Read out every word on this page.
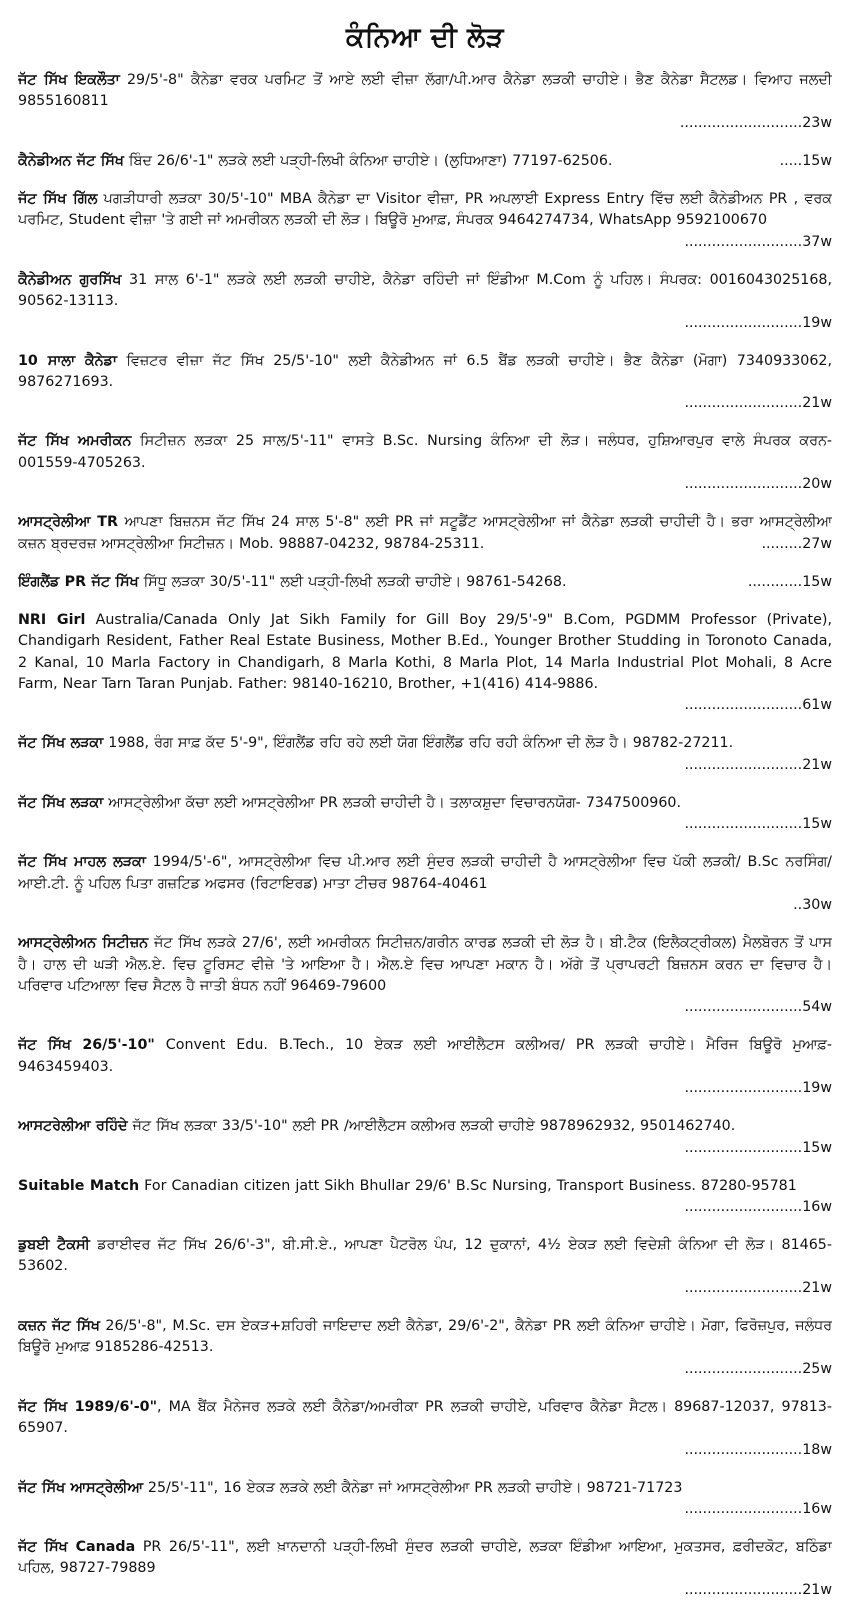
ਕੰਨਿਆ ਦੀ ਲੋੜ
ਜੱਟ ਸਿੱਖ ਇਕਲੌਤਾ 29/5'-8" ਕੈਨੇਡਾ ਵਰਕ ਪਰਮਿਟ ਤੋਂ ਆਏ ਲਈ ਵੀਜ਼ਾ ਲੱਗਾ/ਪੀ.ਆਰ ਕੈਨੇਡਾ ਲੜਕੀ ਚਾਹੀਏ। ਭੈਣ ਕੈਨੇਡਾ ਸੈਟਲਡ। ਵਿਆਹ ਜਲਦੀ 9855160811
...........................23w
ਕੈਨੇਡੀਅਨ ਜੱਟ ਸਿੱਖ ਬਿੰਦ 26/6'-1" ਲੜਕੇ ਲਈ ਪੜ੍ਹੀ-ਲਿਖੀ ਕੰਨਿਆ ਚਾਹੀਏ। (ਲੁਧਿਆਣਾ) 77197-62506.	.....15w
ਜੱਟ ਸਿੱਖ ਗਿੱਲ ਪਗੜੀਧਾਰੀ ਲੜਕਾ 30/5'-10" MBA ਕੈਨੇਡਾ ਦਾ Visitor ਵੀਜ਼ਾ, PR ਅਪਲਾਈ Express Entry ਵਿੱਚ ਲਈ ਕੈਨੇਡੀਅਨ PR , ਵਰਕ ਪਰਮਿਟ, Student ਵੀਜ਼ਾ 'ਤੇ ਗਈ ਜਾਂ ਅਮਰੀਕਨ ਲੜਕੀ ਦੀ ਲੋੜ। ਬਿਊਰੋ ਮੁਆਫ਼, ਸੰਪਰਕ 9464274734, WhatsApp 9592100670
..........................37w
ਕੈਨੇਡੀਅਨ ਗੁਰਸਿੱਖ 31 ਸਾਲ 6'-1" ਲੜਕੇ ਲਈ ਲੜਕੀ ਚਾਹੀਏ, ਕੈਨੇਡਾ ਰਹਿੰਦੀ ਜਾਂ ਇੰਡੀਆ M.Com ਨੂੰ ਪਹਿਲ। ਸੰਪਰਕ: 0016043025168, 90562-13113.
..........................19w
10 ਸਾਲਾ ਕੈਨੇਡਾ ਵਿਜ਼ਟਰ ਵੀਜ਼ਾ ਜੱਟ ਸਿੱਖ 25/5'-10" ਲਈ ਕੈਨੇਡੀਅਨ ਜਾਂ 6.5 ਬੈਂਡ ਲੜਕੀ ਚਾਹੀਏ। ਭੈਣ ਕੈਨੇਡਾ (ਮੋਗਾ) 7340933062, 9876271693.
..........................21w
ਜੱਟ ਸਿੱਖ ਅਮਰੀਕਨ ਸਿਟੀਜ਼ਨ ਲੜਕਾ 25 ਸਾਲ/5'-11" ਵਾਸਤੇ B.Sc. Nursing ਕੰਨਿਆ ਦੀ ਲੋੜ। ਜਲੰਧਰ, ਹੁਸ਼ਿਆਰਪੁਰ ਵਾਲੇ ਸੰਪਰਕ ਕਰਨ- 001559-4705263.
..........................20w
ਆਸਟ੍ਰੇਲੀਆ TR ਆਪਣਾ ਬਿਜ਼ਨਸ ਜੱਟ ਸਿੱਖ 24 ਸਾਲ 5'-8" ਲਈ PR ਜਾਂ ਸਟੂਡੈਂਟ ਆਸਟ੍ਰੇਲੀਆ ਜਾਂ ਕੈਨੇਡਾ ਲੜਕੀ ਚਾਹੀਦੀ ਹੈ। ਭਰਾ ਆਸਟ੍ਰੇਲੀਆ ਕਜ਼ਨ ਬ੍ਰਦਰਜ਼ ਆਸਟ੍ਰੇਲੀਆ ਸਿਟੀਜ਼ਨ। Mob. 98887-04232, 98784-25311.	.........27w
ਇੰਗਲੈਂਡ PR ਜੱਟ ਸਿੱਖ ਸਿੱਧੂ ਲੜਕਾ 30/5'-11" ਲਈ ਪੜ੍ਹੀ-ਲਿਖੀ ਲੜਕੀ ਚਾਹੀਏ। 98761-54268.	............15w
NRI Girl Australia/Canada Only Jat Sikh Family for Gill Boy 29/5'-9" B.Com, PGDMM Professor (Private), Chandigarh Resident, Father Real Estate Business, Mother B.Ed., Younger Brother Studding in Toronoto Canada, 2 Kanal, 10 Marla Factory in Chandigarh, 8 Marla Kothi, 8 Marla Plot, 14 Marla Industrial Plot Mohali, 8 Acre Farm, Near Tarn Taran Punjab. Father: 98140-16210, Brother, +1(416) 414-9886.
..........................61w
ਜੱਟ ਸਿੱਖ ਲੜਕਾ 1988, ਰੰਗ ਸਾਫ਼ ਕੱਦ 5'-9", ਇੰਗਲੈਂਡ ਰਹਿ ਰਹੇ ਲਈ ਯੋਗ ਇੰਗਲੈਂਡ ਰਹਿ ਰਹੀ ਕੰਨਿਆ ਦੀ ਲੋੜ ਹੈ। 98782-27211.
..........................21w
ਜੱਟ ਸਿੱਖ ਲੜਕਾ ਆਸਟ੍ਰੇਲੀਆ ਕੱਚਾ ਲਈ ਆਸਟ੍ਰੇਲੀਆ PR ਲੜਕੀ ਚਾਹੀਦੀ ਹੈ। ਤਲਾਕਸ਼ੁਦਾ ਵਿਚਾਰਨਯੋਗ- 7347500960.
..........................15w
ਜੱਟ ਸਿੱਖ ਮਾਹਲ ਲੜਕਾ 1994/5'-6", ਆਸਟ੍ਰੇਲੀਆ ਵਿਚ ਪੀ.ਆਰ ਲਈ ਸੁੰਦਰ ਲੜਕੀ ਚਾਹੀਦੀ ਹੈ ਆਸਟ੍ਰੇਲੀਆ ਵਿਚ ਪੱਕੀ ਲੜਕੀ/ B.Sc ਨਰਸਿੰਗ/ਆਈ.ਟੀ. ਨੂੰ ਪਹਿਲ ਪਿਤਾ ਗਜ਼ਟਿਡ ਅਫਸਰ (ਰਿਟਾਇਰਡ) ਮਾਤਾ ਟੀਚਰ 98764-40461
..30w
ਆਸਟ੍ਰੇਲੀਅਨ ਸਿਟੀਜ਼ਨ ਜੱਟ ਸਿੱਖ ਲੜਕੇ 27/6', ਲਈ ਅਮਰੀਕਨ ਸਿਟੀਜ਼ਨ/ਗਰੀਨ ਕਾਰਡ ਲੜਕੀ ਦੀ ਲੋੜ ਹੈ। ਬੀ.ਟੈਕ (ਇਲੈਕਟ੍ਰੀਕਲ) ਮੈਲਬੋਰਨ ਤੋਂ ਪਾਸ ਹੈ। ਹਾਲ ਦੀ ਘੜੀ ਐਲ.ਏ. ਵਿਚ ਟੂਰਿਸਟ ਵੀਜ਼ੇ 'ਤੇ ਆਇਆ ਹੈ। ਐਲ.ਏ ਵਿਚ ਆਪਣਾ ਮਕਾਨ ਹੈ। ਅੱਗੇ ਤੋਂ ਪ੍ਰਾਪਰਟੀ ਬਿਜ਼ਨਸ ਕਰਨ ਦਾ ਵਿਚਾਰ ਹੈ। ਪਰਿਵਾਰ ਪਟਿਆਲਾ ਵਿਚ ਸੈਟਲ ਹੈ ਜਾਤੀ ਬੰਧਨ ਨਹੀਂ 96469-79600
..........................54w
ਜੱਟ ਸਿੱਖ 26/5'-10" Convent Edu. B.Tech., 10 ਏਕੜ ਲਈ ਆਈਲੈਟਸ ਕਲੀਅਰ/ PR ਲੜਕੀ ਚਾਹੀਏ। ਮੈਰਿਜ ਬਿਊਰੋ ਮੁਆਫ਼- 9463459403.
..........................19w
ਆਸਟਰੇਲੀਆ ਰਹਿੰਦੇ ਜੱਟ ਸਿੱਖ ਲੜਕਾ 33/5'-10" ਲਈ PR /ਆਈਲੈਟਸ ਕਲੀਅਰ ਲੜਕੀ ਚਾਹੀਏ 9878962932, 9501462740.
..........................15w
Suitable Match For Canadian citizen jatt Sikh Bhullar 29/6' B.Sc Nursing, Transport Business. 87280-95781
..........................16w
ਡੁਬਈ ਟੈਕਸੀ ਡਰਾਈਵਰ ਜੱਟ ਸਿੱਖ 26/6'-3", ਬੀ.ਸੀ.ਏ., ਆਪਣਾ ਪੈਟਰੋਲ ਪੰਪ, 12 ਦੁਕਾਨਾਂ, 4½ ਏਕੜ ਲਈ ਵਿਦੇਸ਼ੀ ਕੰਨਿਆ ਦੀ ਲੋੜ। 81465-53602.
..........................21w
ਕਜ਼ਨ ਜੱਟ ਸਿੱਖ 26/5'-8", M.Sc. ਦਸ ਏਕੜ+ਸ਼ਹਿਰੀ ਜਾਇਦਾਦ ਲਈ ਕੈਨੇਡਾ, 29/6'-2", ਕੈਨੇਡਾ PR ਲਈ ਕੰਨਿਆ ਚਾਹੀਏ। ਮੋਗਾ, ਫਿਰੋਜ਼ਪੁਰ, ਜਲੰਧਰ ਬਿਊਰੋ ਮੁਆਫ਼ 9185286-42513.
..........................25w
ਜੱਟ ਸਿੱਖ 1989/6'-0", MA ਬੈਂਕ ਮੈਨੇਜਰ ਲੜਕੇ ਲਈ ਕੈਨੇਡਾ/ਅਮਰੀਕਾ PR ਲੜਕੀ ਚਾਹੀਏ, ਪਰਿਵਾਰ ਕੈਨੇਡਾ ਸੈਟਲ। 89687-12037, 97813-65907.
..........................18w
ਜੱਟ ਸਿੱਖ ਆਸਟ੍ਰੇਲੀਆ 25/5'-11", 16 ਏਕੜ ਲੜਕੇ ਲਈ ਕੈਨੇਡਾ ਜਾਂ ਆਸਟ੍ਰੇਲੀਆ PR ਲੜਕੀ ਚਾਹੀਏ। 98721-71723
..........................16w
ਜੱਟ ਸਿੱਖ Canada PR 26/5'-11", ਲਈ ਖ਼ਾਨਦਾਨੀ ਪੜ੍ਹੀ-ਲਿਖੀ ਸੁੰਦਰ ਲੜਕੀ ਚਾਹੀਏ, ਲੜਕਾ ਇੰਡੀਆ ਆਇਆ, ਮੁਕਤਸਰ, ਫ਼ਰੀਦਕੋਟ, ਬਠਿੰਡਾ ਪਹਿਲ, 98727-79889
..........................21w
